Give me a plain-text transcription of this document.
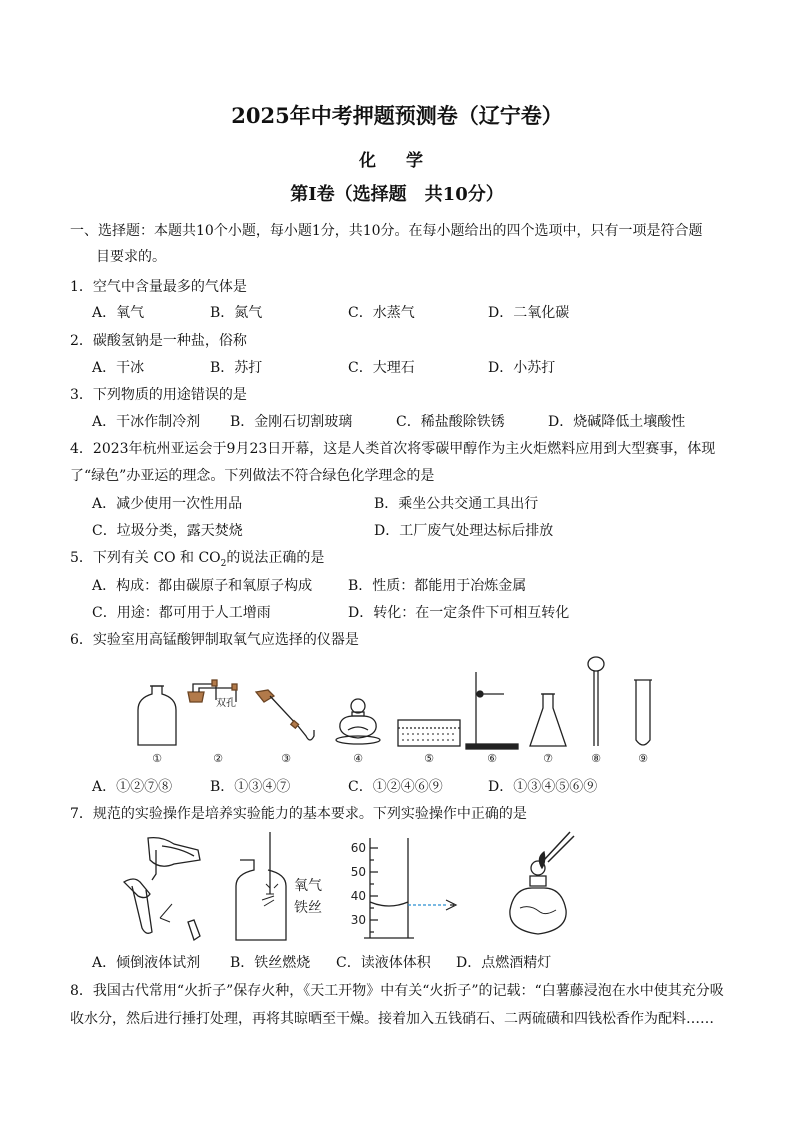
2025年中考押题预测卷（辽宁卷）
化 学
第I卷（选择题　共10分）
一、选择题：本题共10个小题，每小题1分，共10分。在每小题给出的四个选项中，只有一项是符合题
目要求的。
1．空气中含量最多的气体是
A．氧气	B．氮气	C．水蒸气	D．二氧化碳
2．碳酸氢钠是一种盐，俗称
A．干冰	B．苏打	C．大理石	D．小苏打
3．下列物质的用途错误的是
A．干冰作制冷剂 B．金刚石切割玻璃	C．稀盐酸除铁锈	D．烧碱降低土壤酸性
4．2023年杭州亚运会于9月23日开幕，这是人类首次将零碳甲醇作为主火炬燃料应用到大型赛事，体现
了“绿色”办亚运的理念。下列做法不符合绿色化学理念的是
A．减少使用一次性用品	B．乘坐公共交通工具出行
C．垃圾分类，露天焚烧	D．工厂废气处理达标后排放
5．下列有关 CO 和 $CO_2$的说法正确的是
A．构成：都由碳原子和氧原子构成	B．性质：都能用于冶炼金属
C．用途：都可用于人工增雨	D．转化：在一定条件下可相互转化
6．实验室用高锰酸钾制取氧气应选择的仪器是
双孔
①	②	③	④	⑤	⑥	⑦	⑧	⑨
A．①②⑦⑧	B．①③④⑦	C．①②④⑥⑨	D．①③④⑤⑥⑨
7．规范的实验操作是培养实验能力的基本要求。下列实验操作中正确的是
氧气
铁丝
60
50
40
30
A．倾倒液体试剂 B．铁丝燃烧 C．读液体体积 D．点燃酒精灯
8．我国古代常用“火折子”保存火种，《天工开物》中有关“火折子”的记载：“白薯藤浸泡在水中使其充分吸
收水分，然后进行捶打处理，再将其晾晒至干燥。接着加入五钱硝石、二两硫磺和四钱松香作为配料……
